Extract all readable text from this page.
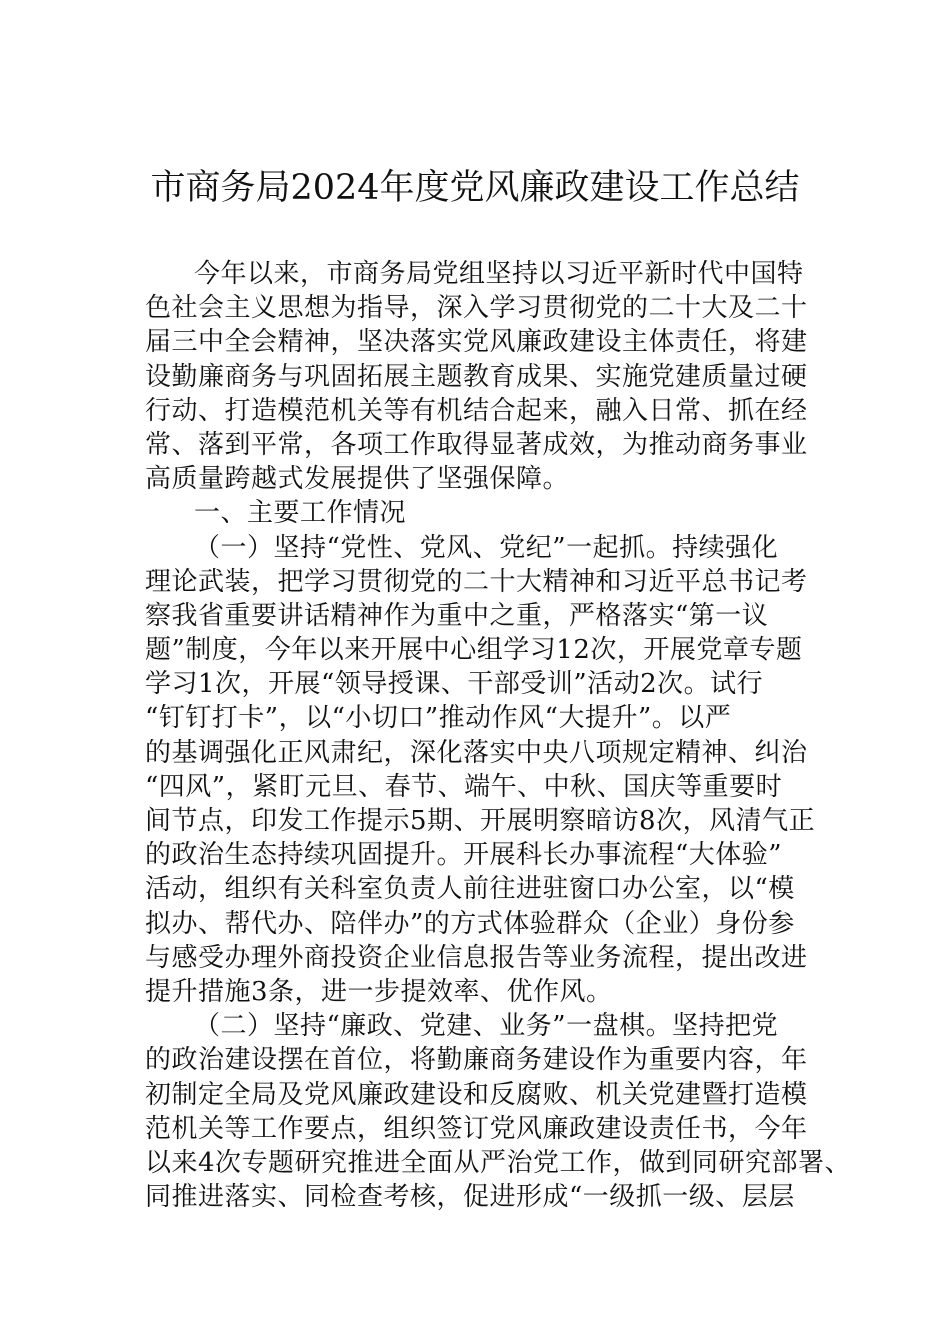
市商务局2024年度党风廉政建设工作总结

今年以来，市商务局党组坚持以习近平新时代中国特

色社会主义思想为指导，深入学习贯彻党的二十大及二十

届三中全会精神，坚决落实党风廉政建设主体责任，将建

设勤廉商务与巩固拓展主题教育成果、实施党建质量过硬

行动、打造模范机关等有机结合起来，融入日常、抓在经

常、落到平常，各项工作取得显著成效，为推动商务事业

高质量跨越式发展提供了坚强保障。

一、主要工作情况

（一）坚持“党性、党风、党纪”一起抓。持续强化

理论武装，把学习贯彻党的二十大精神和习近平总书记考

察我省重要讲话精神作为重中之重，严格落实“第一议

题”制度，今年以来开展中心组学习12次，开展党章专题

学习1次，开展“领导授课、干部受训”活动2次。试行

“钉钉打卡”，以“小切口”推动作风“大提升”。以严

的基调强化正风肃纪，深化落实中央八项规定精神、纠治

“四风”，紧盯元旦、春节、端午、中秋、国庆等重要时

间节点，印发工作提示5期、开展明察暗访8次，风清气正

的政治生态持续巩固提升。开展科长办事流程“大体验”

活动，组织有关科室负责人前往进驻窗口办公室，以“模

拟办、帮代办、陪伴办”的方式体验群众（企业）身份参

与感受办理外商投资企业信息报告等业务流程，提出改进

提升措施3条，进一步提效率、优作风。

（二）坚持“廉政、党建、业务”一盘棋。坚持把党

的政治建设摆在首位，将勤廉商务建设作为重要内容，年

初制定全局及党风廉政建设和反腐败、机关党建暨打造模

范机关等工作要点，组织签订党风廉政建设责任书，今年

以来4次专题研究推进全面从严治党工作，做到同研究部署、

同推进落实、同检查考核，促进形成“一级抓一级、层层
